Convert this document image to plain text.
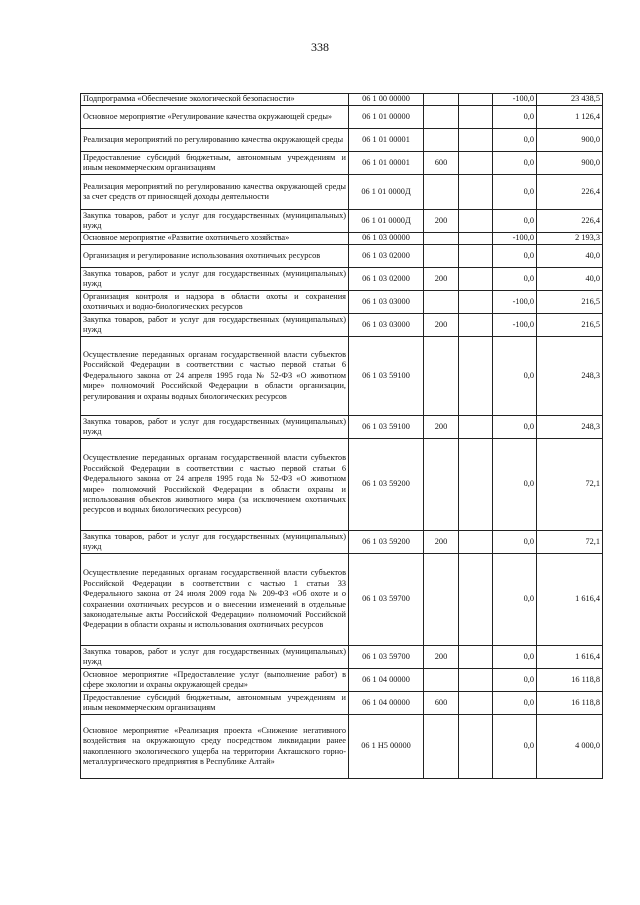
338
Подпрограмма «Обеспечение экологической безопасности»	06 1 00 00000			-100,0	23 438,5
Основное мероприятие «Регулирование качества окружающей среды»	06 1 01 00000			0,0	1 126,4
Реализация мероприятий по регулированию качества окружающей среды	06 1 01 00001			0,0	900,0
Предоставление субсидий бюджетным, автономным учреждениям и иным некоммерческим организациям	06 1 01 00001	600		0,0	900,0
Реализация мероприятий по регулированию качества окружающей среды за счет средств от приносящей доходы деятельности	06 1 01 0000Д			0,0	226,4
Закупка товаров, работ и услуг для государственных (муниципальных) нужд	06 1 01 0000Д	200		0,0	226,4
Основное мероприятие «Развитие охотничьего хозяйства»	06 1 03 00000			-100,0	2 193,3
Организация и регулирование использования охотничьих ресурсов	06 1 03 02000			0,0	40,0
Закупка товаров, работ и услуг для государственных (муниципальных) нужд	06 1 03 02000	200		0,0	40,0
Организация контроля и надзора в области охоты и сохранения охотничьих и водно-биологических ресурсов	06 1 03 03000			-100,0	216,5
Закупка товаров, работ и услуг для государственных (муниципальных) нужд	06 1 03 03000	200		-100,0	216,5
Осуществление переданных органам государственной власти субъектов Российской Федерации в соответствии с частью первой статьи 6 Федерального закона от 24 апреля 1995 года № 52-ФЗ «О животном мире» полномочий Российской Федерации в области организации, регулирования и охраны водных биологических ресурсов	06 1 03 59100			0,0	248,3
Закупка товаров, работ и услуг для государственных (муниципальных) нужд	06 1 03 59100	200		0,0	248,3
Осуществление переданных органам государственной власти субъектов Российской Федерации в соответствии с частью первой статьи 6 Федерального закона от 24 апреля 1995 года № 52-ФЗ «О животном мире» полномочий Российской Федерации в области охраны и использования объектов животного мира (за исключением охотничьих ресурсов и водных биологических ресурсов)	06 1 03 59200			0,0	72,1
Закупка товаров, работ и услуг для государственных (муниципальных) нужд	06 1 03 59200	200		0,0	72,1
Осуществление переданных органам государственной власти субъектов Российской Федерации в соответствии с частью 1 статьи 33 Федерального закона от 24 июля 2009 года № 209-ФЗ «Об охоте и о сохранении охотничьих ресурсов и о внесении изменений в отдельные законодательные акты Российской Федерации» полномочий Российской Федерации в области охраны и использования охотничьих ресурсов	06 1 03 59700			0,0	1 616,4
Закупка товаров, работ и услуг для государственных (муниципальных) нужд	06 1 03 59700	200		0,0	1 616,4
Основное мероприятие «Предоставление услуг (выполнение работ) в сфере экологии и охраны окружающей среды»	06 1 04 00000			0,0	16 118,8
Предоставление субсидий бюджетным, автономным учреждениям и иным некоммерческим организациям	06 1 04 00000	600		0,0	16 118,8
Основное мероприятие «Реализация проекта «Снижение негативного воздействия на окружающую среду посредством ликвидации ранее накопленного экологического ущерба на территории Акташского горно-металлургического предприятия в Республике Алтай»	06 1 Н5 00000			0,0	4 000,0
